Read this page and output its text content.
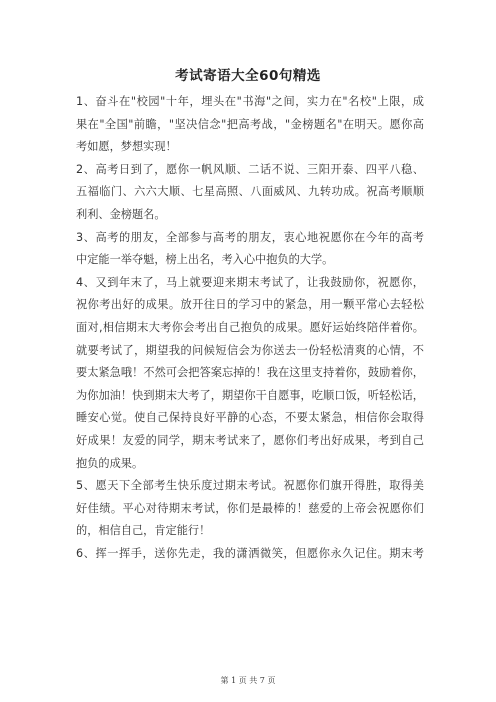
考试寄语大全60句精选
1、奋斗在"校园"十年，埋头在"书海"之间，实力在"名校"上限，成
果在"全国"前瞻，"坚决信念"把高考战，"金榜题名"在明天。愿你高
考如愿，梦想实现！
2、高考日到了，愿你一帆风顺、二话不说、三阳开泰、四平八稳、
五福临门、六六大顺、七星高照、八面威风、九转功成。祝高考顺顺
利利、金榜题名。
3、高考的朋友，全部参与高考的朋友，衷心地祝愿你在今年的高考
中定能一举夺魁，榜上出名，考入心中抱负的大学。
4、又到年末了，马上就要迎来期末考试了，让我鼓励你，祝愿你，
祝你考出好的成果。放开往日的学习中的紧急，用一颗平常心去轻松
面对,相信期末大考你会考出自己抱负的成果。愿好运始终陪伴着你。
就要考试了，期望我的问候短信会为你送去一份轻松清爽的心情，不
要太紧急哦！不然可会把答案忘掉的！我在这里支持着你，鼓励着你，
为你加油！快到期末大考了，期望你干自愿事，吃顺口饭，听轻松话，
睡安心觉。使自己保持良好平静的心态，不要太紧急，相信你会取得
好成果！友爱的同学，期末考试来了，愿你们考出好成果，考到自己
抱负的成果。
5、愿天下全部考生快乐度过期末考试。祝愿你们旗开得胜，取得美
好佳绩。平心对待期末考试，你们是最棒的！慈爱的上帝会祝愿你们
的，相信自己，肯定能行！
6、挥一挥手，送你先走，我的潇洒微笑，但愿你永久记住。期末考
第 1 页 共 7 页
